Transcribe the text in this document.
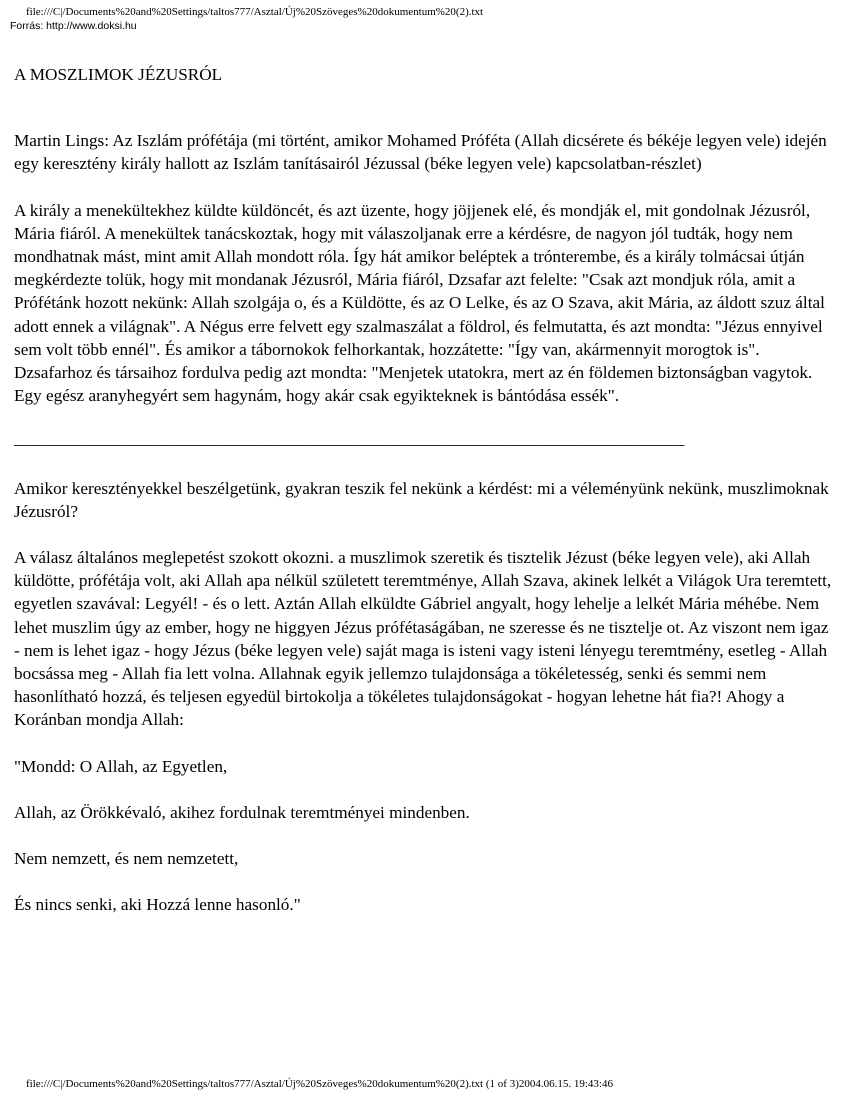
file:///C|/Documents%20and%20Settings/taltos777/Asztal/Új%20Szöveges%20dokumentum%20(2).txt
Forrás: http://www.doksi.hu

A MOSZLIMOK JÉZUSRÓL

Martin Lings: Az Iszlám prófétája (mi történt, amikor Mohamed Próféta (Allah dicsérete és békéje legyen vele) idején egy keresztény király hallott az Iszlám tanításairól Jézussal (béke legyen vele) kapcsolatban-részlet)

A király a menekültekhez küldte küldöncét, és azt üzente, hogy jöjjenek elé, és mondják el, mit gondolnak Jézusról, Mária fiáról. A menekültek tanácskoztak, hogy mit válaszoljanak erre a kérdésre, de nagyon jól tudták, hogy nem mondhatnak mást, mint amit Allah mondott róla. Így hát amikor beléptek a trónterembe, és a király tolmácsai útján megkérdezte tolük, hogy mit mondanak Jézusról, Mária fiáról, Dzsafar azt felelte: "Csak azt mondjuk róla, amit a Prófétánk hozott nekünk: Allah szolgája o, és a Küldötte, és az O Lelke, és az O Szava, akit Mária, az áldott szuz által adott ennek a világnak". A Négus erre felvett egy szalmaszálat a földrol, és felmutatta, és azt mondta: "Jézus ennyivel sem volt több ennél". És amikor a tábornokok felhorkantak, hozzátette: "Így van, akármennyit morogtok is". Dzsafarhoz és társaihoz fordulva pedig azt mondta: "Menjetek utatokra, mert az én földemen biztonságban vagytok. Egy egész aranyhegyért sem hagynám, hogy akár csak egyikteknek is bántódása essék".

______________________________________________________________________________

Amikor keresztényekkel beszélgetünk, gyakran teszik fel nekünk a kérdést: mi a véleményünk nekünk, muszlimoknak Jézusról?

A válasz általános meglepetést szokott okozni. a muszlimok szeretik és tisztelik Jézust (béke legyen vele), aki Allah küldötte, prófétája volt, aki Allah apa nélkül született teremtménye, Allah Szava, akinek lelkét a Világok Ura teremtett, egyetlen szavával: Legyél! - és o lett. Aztán Allah elküldte Gábriel angyalt, hogy lehelje a lelkét Mária méhébe. Nem lehet muszlim úgy az ember, hogy ne higgyen Jézus prófétaságában, ne szeresse és ne tisztelje ot. Az viszont nem igaz - nem is lehet igaz - hogy Jézus (béke legyen vele) saját maga is isteni vagy isteni lényegu teremtmény, esetleg - Allah bocsássa meg - Allah fia lett volna. Allahnak egyik jellemzo tulajdonsága a tökéletesség, senki és semmi nem hasonlítható hozzá, és teljesen egyedül birtokolja a tökéletes tulajdonságokat - hogyan lehetne hát fia?! Ahogy a Koránban mondja Allah:

"Mondd: O Allah, az Egyetlen,

Allah, az Örökkévaló, akihez fordulnak teremtményei mindenben.

Nem nemzett, és nem nemzetett,

És nincs senki, aki Hozzá lenne hasonló."

file:///C|/Documents%20and%20Settings/taltos777/Asztal/Új%20Szöveges%20dokumentum%20(2).txt (1 of 3)2004.06.15. 19:43:46
